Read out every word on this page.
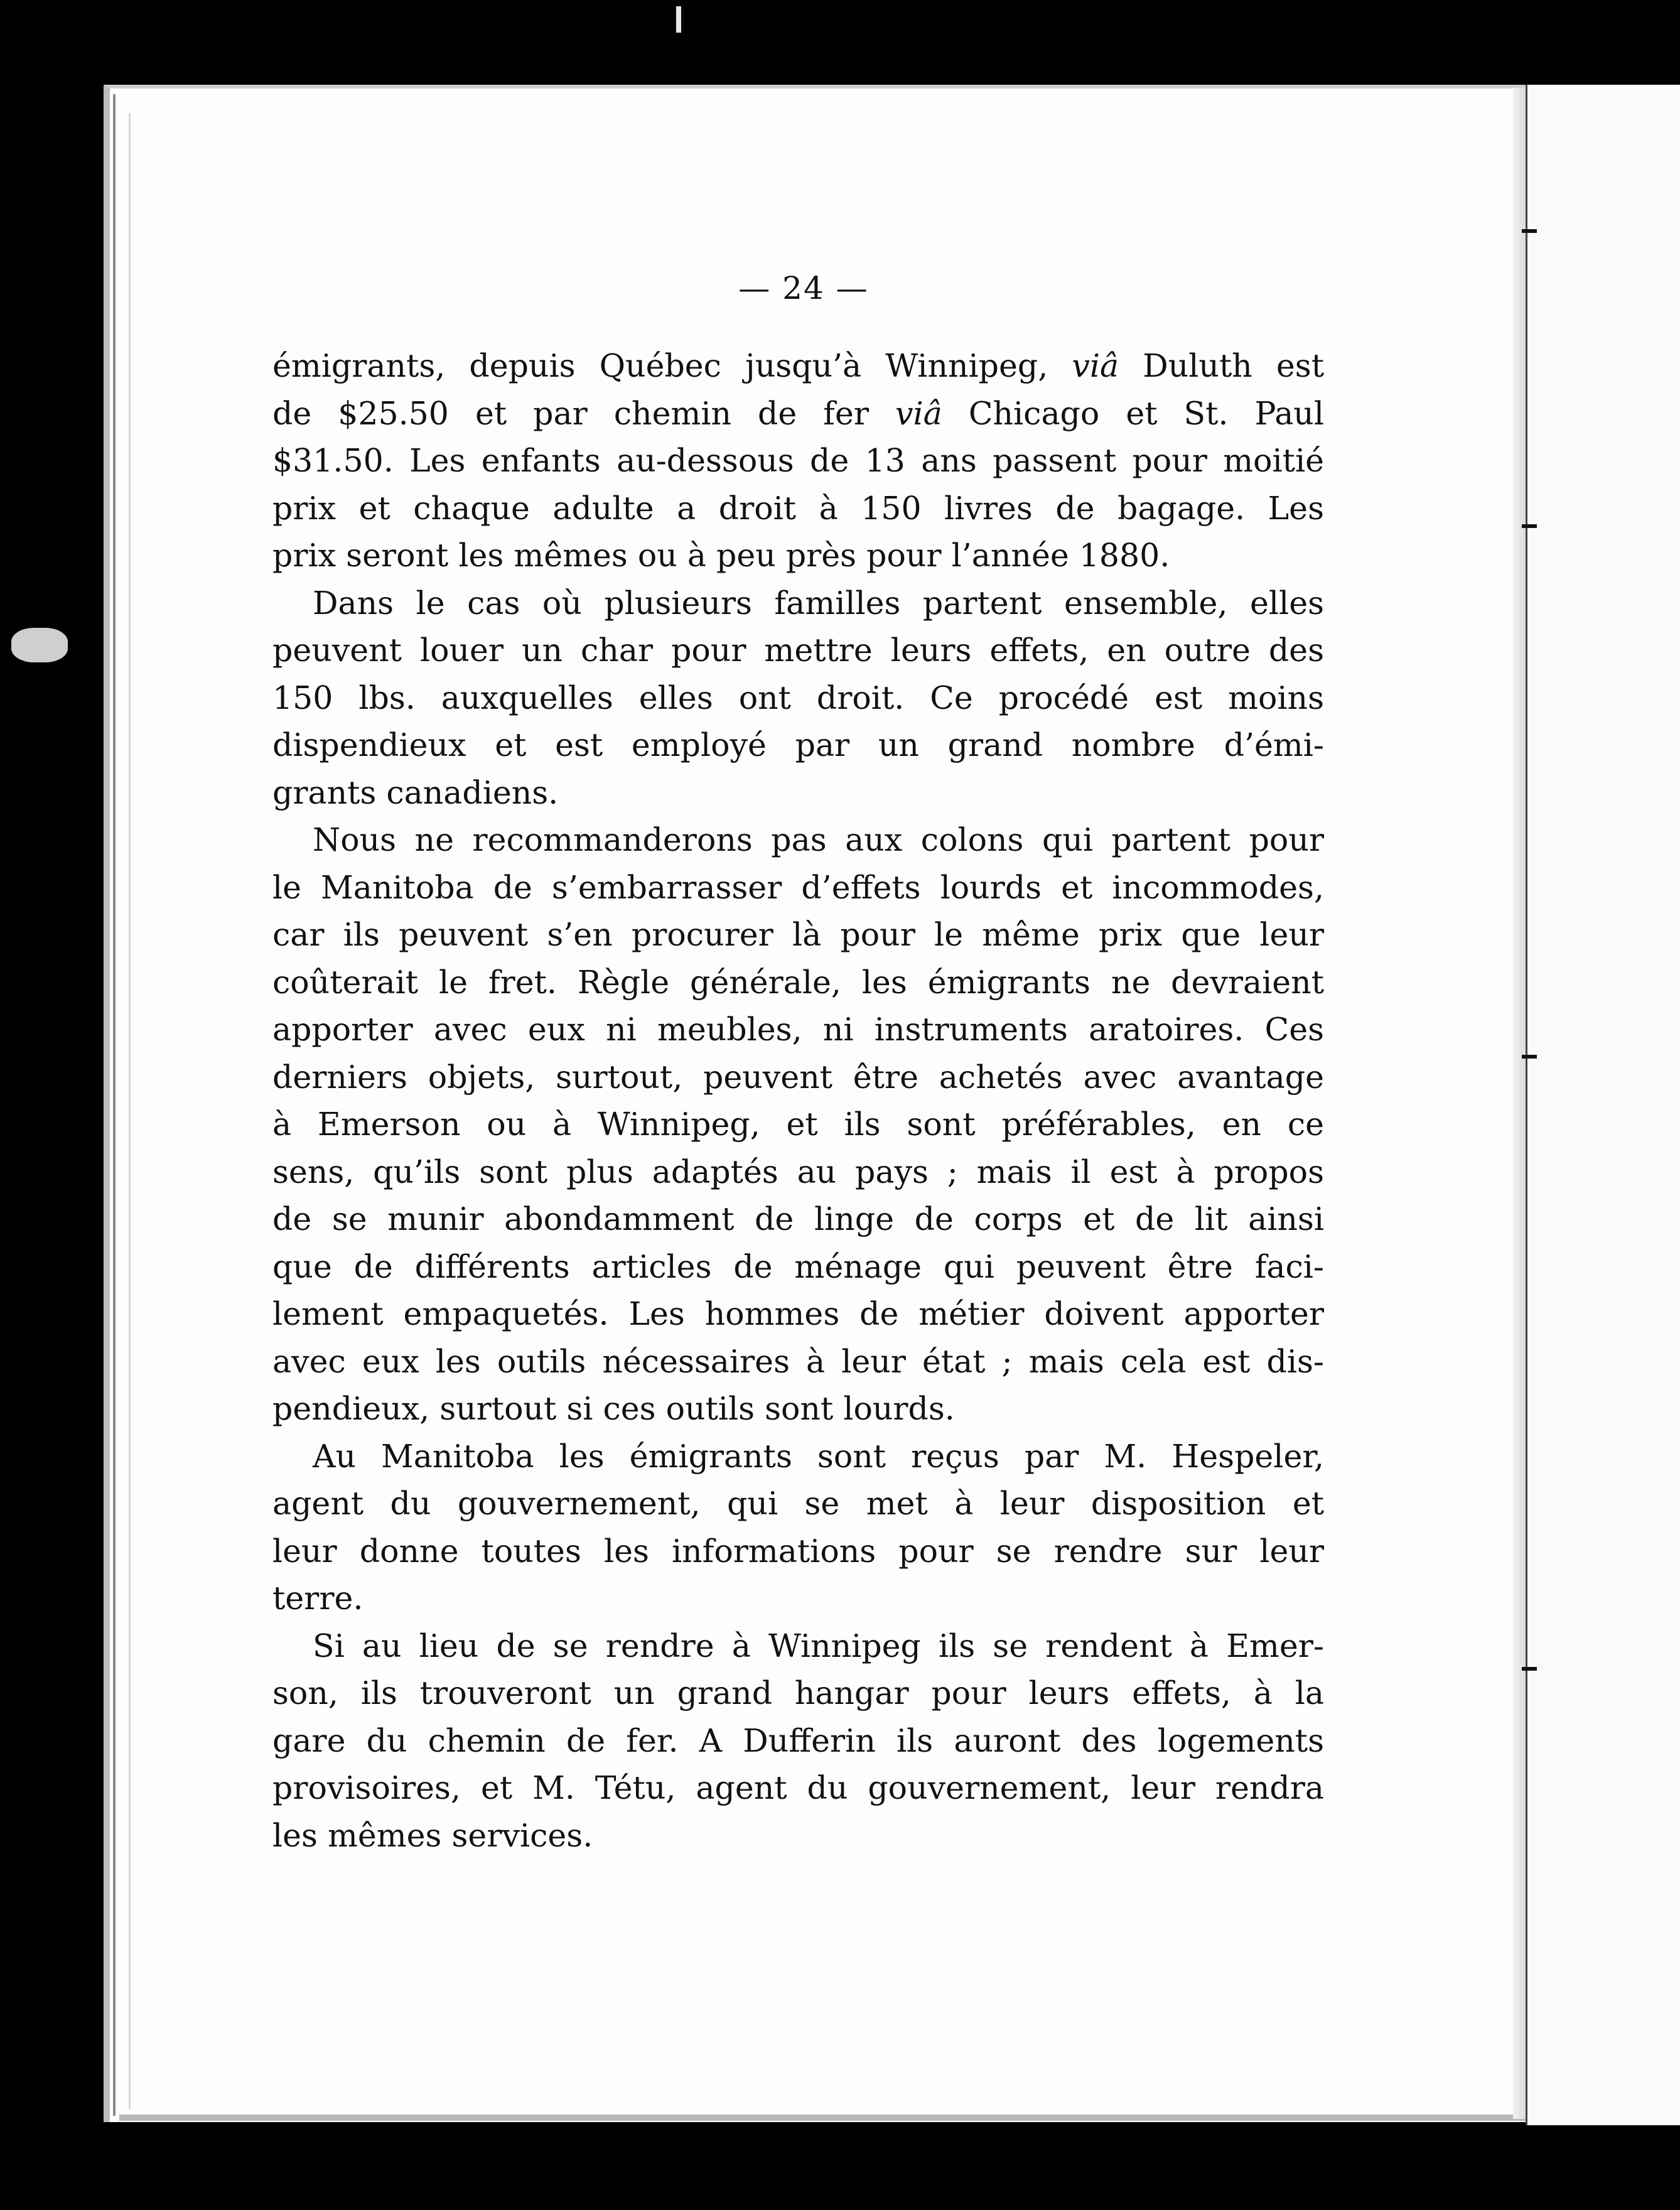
— 24 —
émigrants, depuis Québec jusqu’à Winnipeg, viâ Duluth est
de $25.50 et par chemin de fer viâ Chicago et St. Paul
$31.50. Les enfants au-dessous de 13 ans passent pour moitié
prix et chaque adulte a droit à 150 livres de bagage. Les
prix seront les mêmes ou à peu près pour l’année 1880.
Dans le cas où plusieurs familles partent ensemble, elles
peuvent louer un char pour mettre leurs effets, en outre des
150 lbs. auxquelles elles ont droit. Ce procédé est moins
dispendieux et est employé par un grand nombre d’émi-
grants canadiens.
Nous ne recommanderons pas aux colons qui partent pour
le Manitoba de s’embarrasser d’effets lourds et incommodes,
car ils peuvent s’en procurer là pour le même prix que leur
coûterait le fret. Règle générale, les émigrants ne devraient
apporter avec eux ni meubles, ni instruments aratoires. Ces
derniers objets, surtout, peuvent être achetés avec avantage
à Emerson ou à Winnipeg, et ils sont préférables, en ce
sens, qu’ils sont plus adaptés au pays ; mais il est à propos
de se munir abondamment de linge de corps et de lit ainsi
que de différents articles de ménage qui peuvent être faci-
lement empaquetés. Les hommes de métier doivent apporter
avec eux les outils nécessaires à leur état ; mais cela est dis-
pendieux, surtout si ces outils sont lourds.
Au Manitoba les émigrants sont reçus par M. Hespeler,
agent du gouvernement, qui se met à leur disposition et
leur donne toutes les informations pour se rendre sur leur
terre.
Si au lieu de se rendre à Winnipeg ils se rendent à Emer-
son, ils trouveront un grand hangar pour leurs effets, à la
gare du chemin de fer. A Dufferin ils auront des logements
provisoires, et M. Tétu, agent du gouvernement, leur rendra
les mêmes services.
